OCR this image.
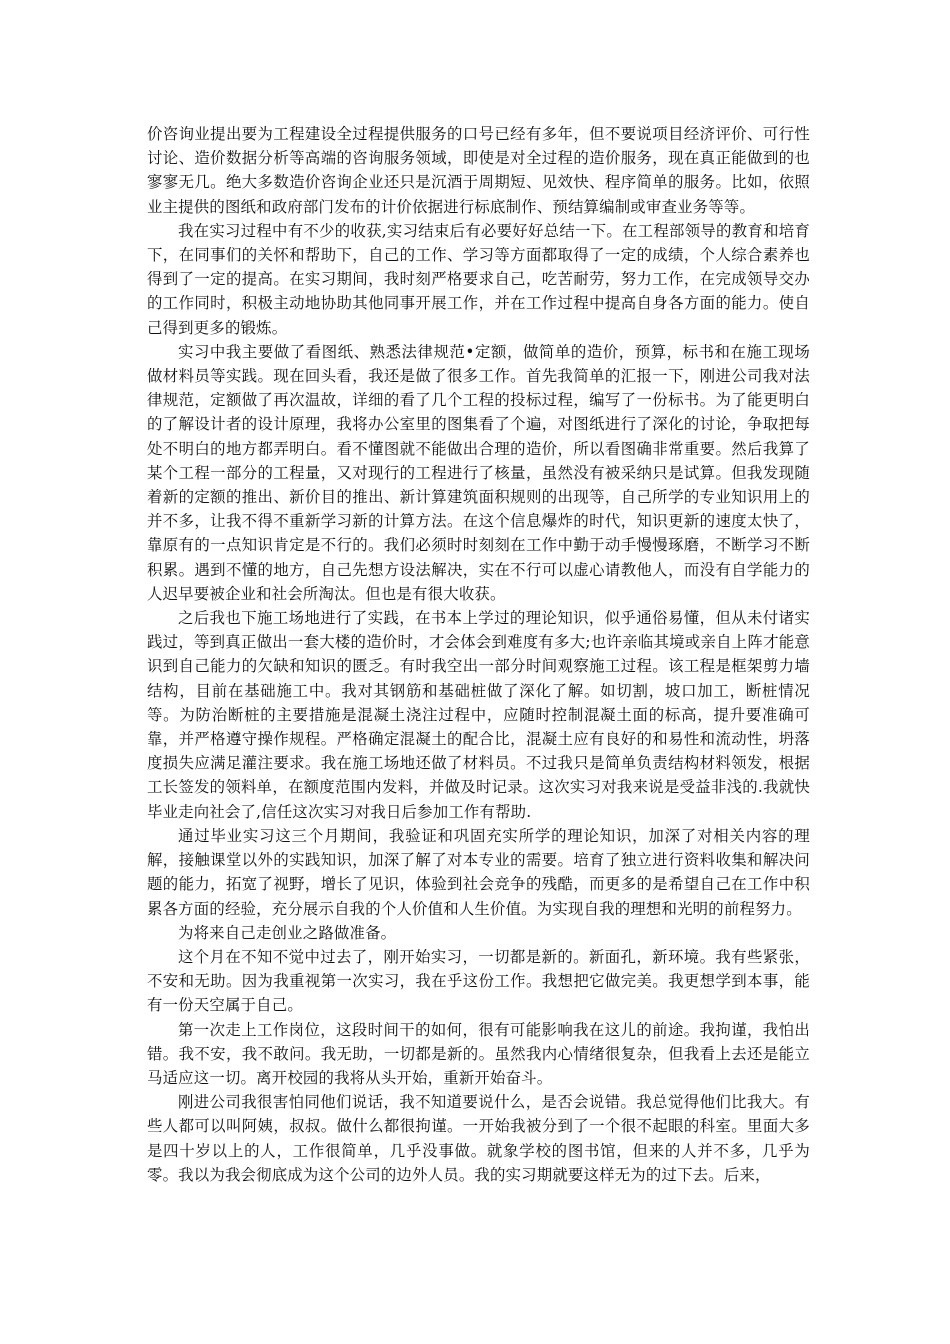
价咨询业提出要为工程建设全过程提供服务的口号已经有多年，但不要说项目经济评价、可行性讨论、造价数据分析等高端的咨询服务领域，即使是对全过程的造价服务，现在真正能做到的也寥寥无几。绝大多数造价咨询企业还只是沉酒于周期短、见效快、程序简单的服务。比如，依照业主提供的图纸和政府部门发布的计价依据进行标底制作、预结算编制或审查业务等等。

我在实习过程中有不少的收获,实习结束后有必要好好总结一下。在工程部领导的教育和培育下，在同事们的关怀和帮助下，自己的工作、学习等方面都取得了一定的成绩，个人综合素养也得到了一定的提高。在实习期间，我时刻严格要求自己，吃苦耐劳，努力工作，在完成领导交办的工作同时，积极主动地协助其他同事开展工作，并在工作过程中提高自身各方面的能力。使自己得到更多的锻炼。

实习中我主要做了看图纸、熟悉法律规范•定额，做简单的造价，预算，标书和在施工现场做材料员等实践。现在回头看，我还是做了很多工作。首先我简单的汇报一下，刚进公司我对法律规范，定额做了再次温故，详细的看了几个工程的投标过程，编写了一份标书。为了能更明白的了解设计者的设计原理，我将办公室里的图集看了个遍，对图纸进行了深化的讨论，争取把每处不明白的地方都弄明白。看不懂图就不能做出合理的造价，所以看图确非常重要。然后我算了某个工程一部分的工程量，又对现行的工程进行了核量，虽然没有被采纳只是试算。但我发现随着新的定额的推出、新价目的推出、新计算建筑面积规则的出现等，自己所学的专业知识用上的并不多，让我不得不重新学习新的计算方法。在这个信息爆炸的时代，知识更新的速度太快了，靠原有的一点知识肯定是不行的。我们必须时时刻刻在工作中勤于动手慢慢琢磨，不断学习不断积累。遇到不懂的地方，自己先想方设法解决，实在不行可以虚心请教他人，而没有自学能力的人迟早要被企业和社会所淘汰。但也是有很大收获。

之后我也下施工场地进行了实践，在书本上学过的理论知识，似乎通俗易懂，但从未付诸实践过，等到真正做出一套大楼的造价时，才会体会到难度有多大;也许亲临其境或亲自上阵才能意识到自己能力的欠缺和知识的匮乏。有时我空出一部分时间观察施工过程。该工程是框架剪力墙结构，目前在基础施工中。我对其钢筋和基础桩做了深化了解。如切割，坡口加工，断桩情况等。为防治断桩的主要措施是混凝土浇注过程中，应随时控制混凝土面的标高，提升要准确可靠，并严格遵守操作规程。严格确定混凝土的配合比，混凝土应有良好的和易性和流动性，坍落度损失应满足灌注要求。我在施工场地还做了材料员。不过我只是简单负责结构材料领发，根据工长签发的领料单，在额度范围内发料，并做及时记录。这次实习对我来说是受益非浅的.我就快毕业走向社会了,信任这次实习对我日后参加工作有帮助.

通过毕业实习这三个月期间，我验证和巩固充实所学的理论知识，加深了对相关内容的理解，接触课堂以外的实践知识，加深了解了对本专业的需要。培育了独立进行资料收集和解决问题的能力，拓宽了视野，增长了见识，体验到社会竞争的残酷，而更多的是希望自己在工作中积累各方面的经验，充分展示自我的个人价值和人生价值。为实现自我的理想和光明的前程努力。

为将来自己走创业之路做准备。

这个月在不知不觉中过去了，刚开始实习，一切都是新的。新面孔，新环境。我有些紧张，不安和无助。因为我重视第一次实习，我在乎这份工作。我想把它做完美。我更想学到本事，能有一份天空属于自己。

第一次走上工作岗位，这段时间干的如何，很有可能影响我在这儿的前途。我拘谨，我怕出错。我不安，我不敢问。我无助，一切都是新的。虽然我内心情绪很复杂，但我看上去还是能立马适应这一切。离开校园的我将从头开始，重新开始奋斗。

刚进公司我很害怕同他们说话，我不知道要说什么，是否会说错。我总觉得他们比我大。有些人都可以叫阿姨，叔叔。做什么都很拘谨。一开始我被分到了一个很不起眼的科室。里面大多是四十岁以上的人，工作很简单，几乎没事做。就象学校的图书馆，但来的人并不多，几乎为零。我以为我会彻底成为这个公司的边外人员。我的实习期就要这样无为的过下去。后来，
